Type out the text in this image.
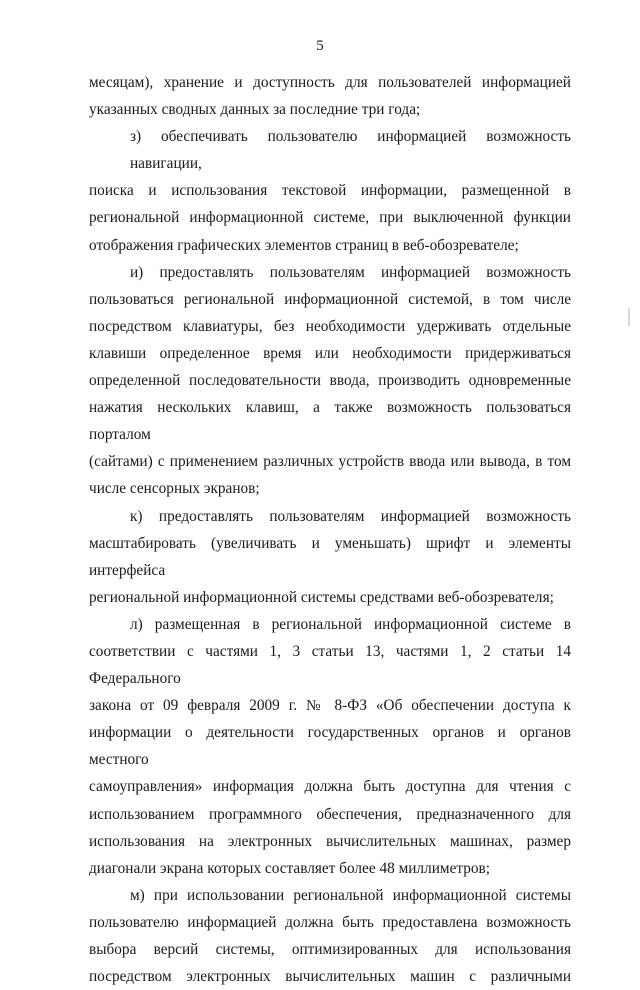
5
месяцам), хранение и доступность для пользователей информацией
указанных сводных данных за последние три года;
з) обеспечивать пользователю информацией возможность навигации,
поиска и использования текстовой информации, размещенной в
региональной информационной системе, при выключенной функции
отображения графических элементов страниц в веб-обозревателе;
и) предоставлять пользователям информацией возможность
пользоваться региональной информационной системой, в том числе
посредством клавиатуры, без необходимости удерживать отдельные
клавиши определенное время или необходимости придерживаться
определенной последовательности ввода, производить одновременные
нажатия нескольких клавиш, а также возможность пользоваться порталом
(сайтами) с применением различных устройств ввода или вывода, в том
числе сенсорных экранов;
к) предоставлять пользователям информацией возможность
масштабировать (увеличивать и уменьшать) шрифт и элементы интерфейса
региональной информационной системы средствами веб-обозревателя;
л) размещенная в региональной информационной системе в
соответствии с частями 1, 3 статьи 13, частями 1, 2 статьи 14 Федерального
закона от 09 февраля 2009 г. № 8-ФЗ «Об обеспечении доступа к
информации о деятельности государственных органов и органов местного
самоуправления» информация должна быть доступна для чтения с
использованием программного обеспечения, предназначенного для
использования на электронных вычислительных машинах, размер
диагонали экрана которых составляет более 48 миллиметров;
м) при использовании региональной информационной системы
пользователю информацией должна быть предоставлена возможность
выбора версий системы, оптимизированных для использования
посредством электронных вычислительных машин с различными
